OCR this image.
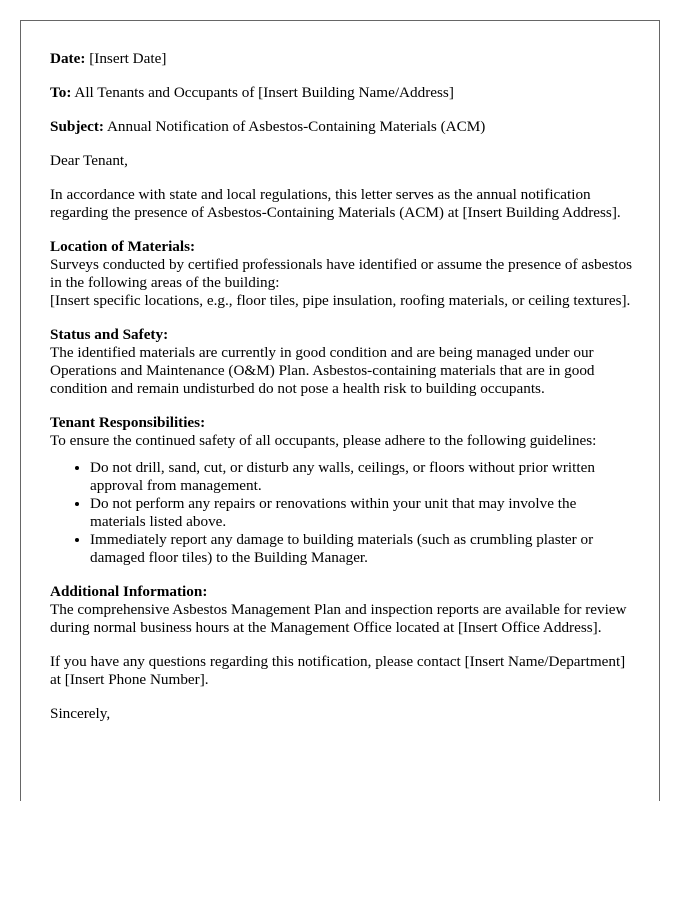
Date: [Insert Date]

To: All Tenants and Occupants of [Insert Building Name/Address]

Subject: Annual Notification of Asbestos-Containing Materials (ACM)

Dear Tenant,

In accordance with state and local regulations, this letter serves as the annual notification regarding the presence of Asbestos-Containing Materials (ACM) at [Insert Building Address].

Location of Materials:
Surveys conducted by certified professionals have identified or assume the presence of asbestos in the following areas of the building:
[Insert specific locations, e.g., floor tiles, pipe insulation, roofing materials, or ceiling textures].
Status and Safety:
The identified materials are currently in good condition and are being managed under our Operations and Maintenance (O&M) Plan. Asbestos-containing materials that are in good condition and remain undisturbed do not pose a health risk to building occupants.
Tenant Responsibilities:
To ensure the continued safety of all occupants, please adhere to the following guidelines:
• Do not drill, sand, cut, or disturb any walls, ceilings, or floors without prior written approval from management.
• Do not perform any repairs or renovations within your unit that may involve the materials listed above.
• Immediately report any damage to building materials (such as crumbling plaster or damaged floor tiles) to the Building Manager.
Additional Information:
The comprehensive Asbestos Management Plan and inspection reports are available for review during normal business hours at the Management Office located at [Insert Office Address].

If you have any questions regarding this notification, please contact [Insert Name/Department] at [Insert Phone Number].

Sincerely,
